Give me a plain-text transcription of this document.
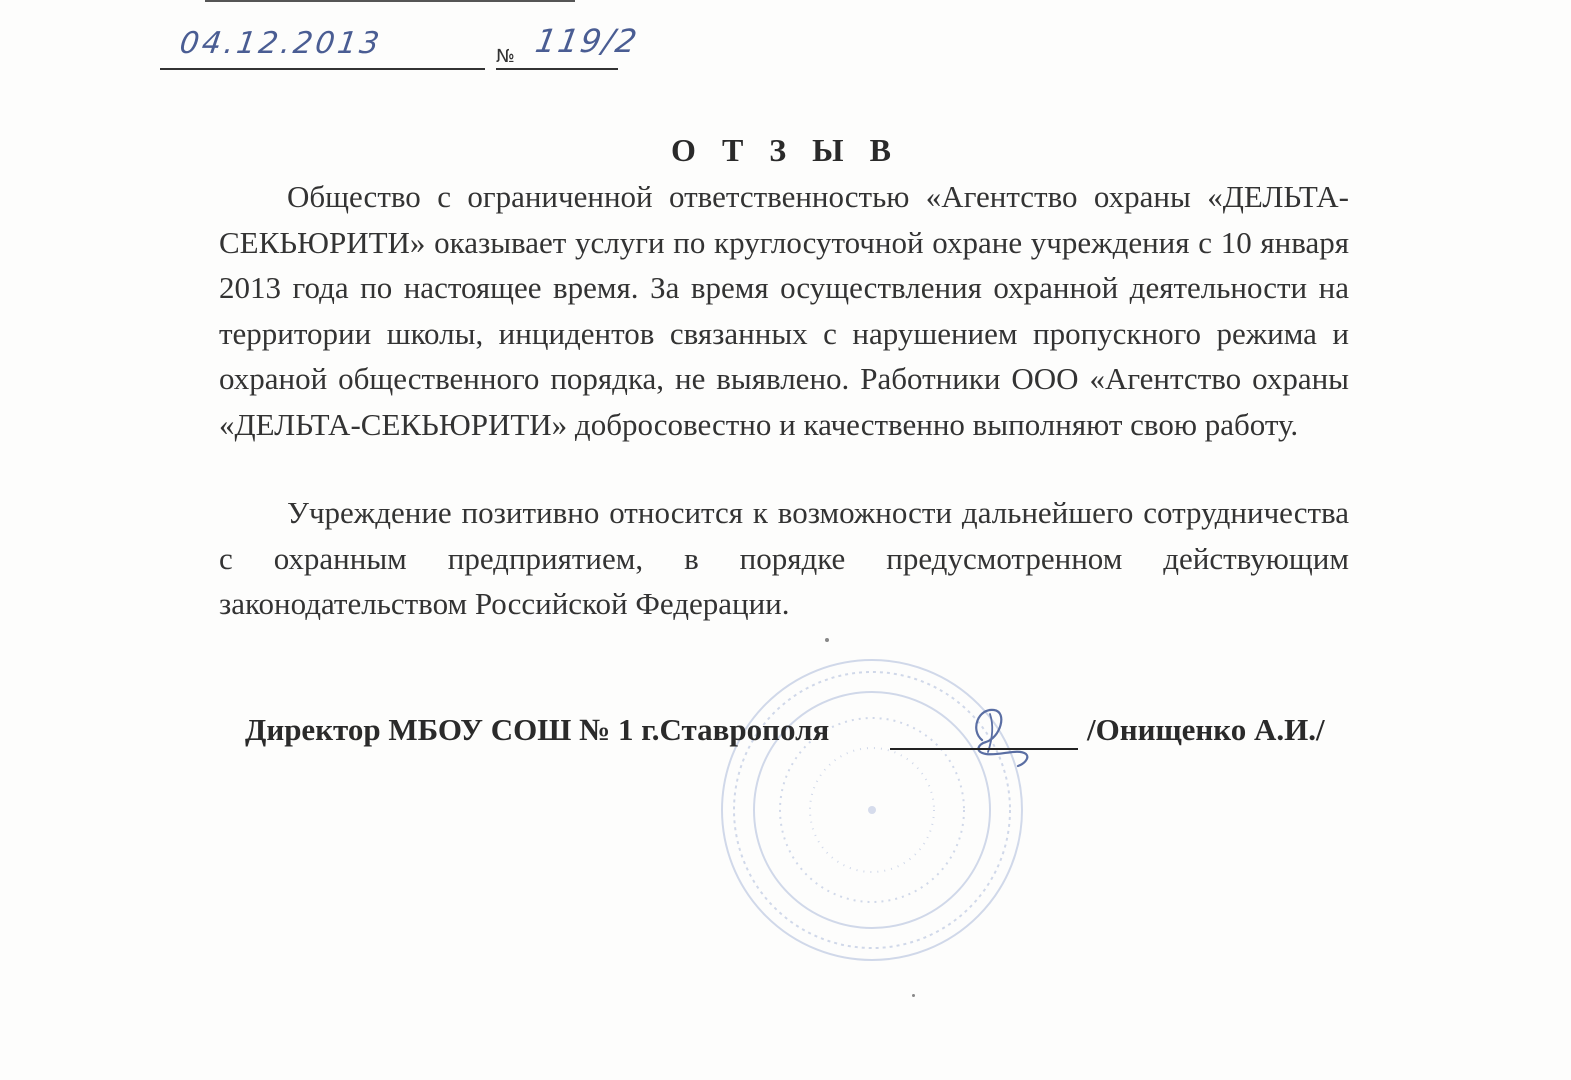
04.12.2013	№ 119/2
О Т З Ы В

Общество с ограниченной ответственностью «Агентство охраны «ДЕЛЬТА-СЕКЬЮРИТИ» оказывает услуги по круглосуточной охране учреждения с 10 января 2013 года по настоящее время. За время осуществления охранной деятельности на территории школы, инцидентов связанных с нарушением пропускного режима и охраной общественного порядка, не выявлено. Работники ООО «Агентство охраны «ДЕЛЬТА-СЕКЬЮРИТИ» добросовестно и качественно выполняют свою работу.

Учреждение позитивно относится к возможности дальнейшего сотрудничества с охранным предприятием, в порядке предусмотренном действующим законодательством Российской Федерации.

Директор МБОУ СОШ № 1 г.Ставрополя	/Онищенко А.И./
